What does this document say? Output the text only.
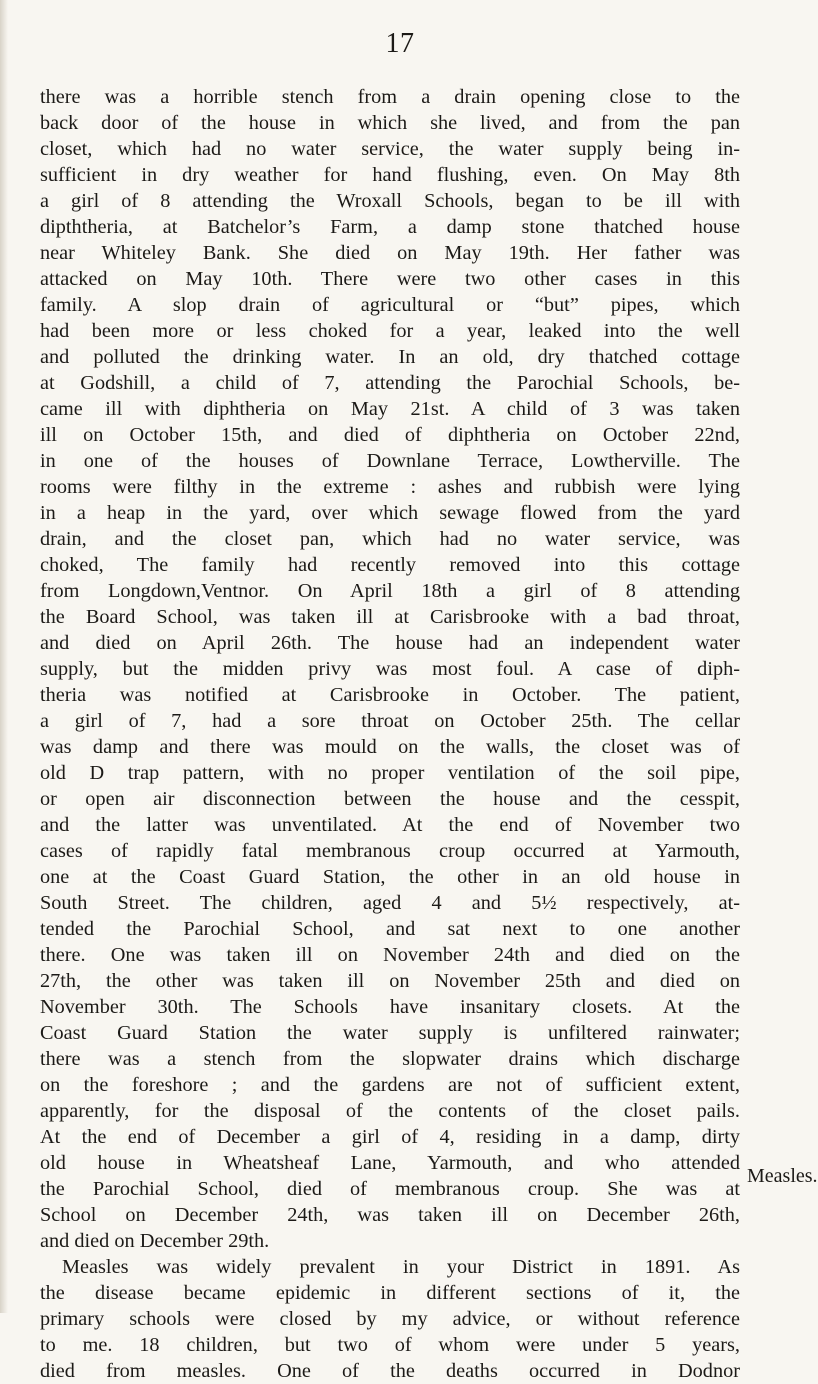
17
there was a horrible stench from a drain opening close to the
back door of the house in which she lived, and from the pan
closet, which had no water service, the water supply being in-
sufficient in dry weather for hand flushing, even. On May 8th
a girl of 8 attending the Wroxall Schools, began to be ill with
dipththeria, at Batchelor’s Farm, a damp stone thatched house
near Whiteley Bank. She died on May 19th. Her father was
attacked on May 10th. There were two other cases in this
family. A slop drain of agricultural or “but” pipes, which
had been more or less choked for a year, leaked into the well
and polluted the drinking water. In an old, dry thatched cottage
at Godshill, a child of 7, attending the Parochial Schools, be-
came ill with diphtheria on May 21st. A child of 3 was taken
ill on October 15th, and died of diphtheria on October 22nd,
in one of the houses of Downlane Terrace, Lowtherville. The
rooms were filthy in the extreme : ashes and rubbish were lying
in a heap in the yard, over which sewage flowed from the yard
drain, and the closet pan, which had no water service, was
choked, The family had recently removed into this cottage
from Longdown,Ventnor. On April 18th a girl of 8 attending
the Board School, was taken ill at Carisbrooke with a bad throat,
and died on April 26th. The house had an independent water
supply, but the midden privy was most foul. A case of diph-
theria was notified at Carisbrooke in October. The patient,
a girl of 7, had a sore throat on October 25th. The cellar
was damp and there was mould on the walls, the closet was of
old D trap pattern, with no proper ventilation of the soil pipe,
or open air disconnection between the house and the cesspit,
and the latter was unventilated. At the end of November two
cases of rapidly fatal membranous croup occurred at Yarmouth,
one at the Coast Guard Station, the other in an old house in
South Street. The children, aged 4 and 5½ respectively, at-
tended the Parochial School, and sat next to one another
there. One was taken ill on November 24th and died on the
27th, the other was taken ill on November 25th and died on
November 30th. The Schools have insanitary closets. At the
Coast Guard Station the water supply is unfiltered rainwater;
there was a stench from the slopwater drains which discharge
on the foreshore ; and the gardens are not of sufficient extent,
apparently, for the disposal of the contents of the closet pails.
At the end of December a girl of 4, residing in a damp, dirty
old house in Wheatsheaf Lane, Yarmouth, and who attended
the Parochial School, died of membranous croup. She was at
School on December 24th, was taken ill on December 26th,
and died on December 29th.
Measles was widely prevalent in your District in 1891. As
the disease became epidemic in different sections of it, the
primary schools were closed by my advice, or without reference
to me. 18 children, but two of whom were under 5 years,
died from measles. One of the deaths occurred in Dodnor
Measles.
